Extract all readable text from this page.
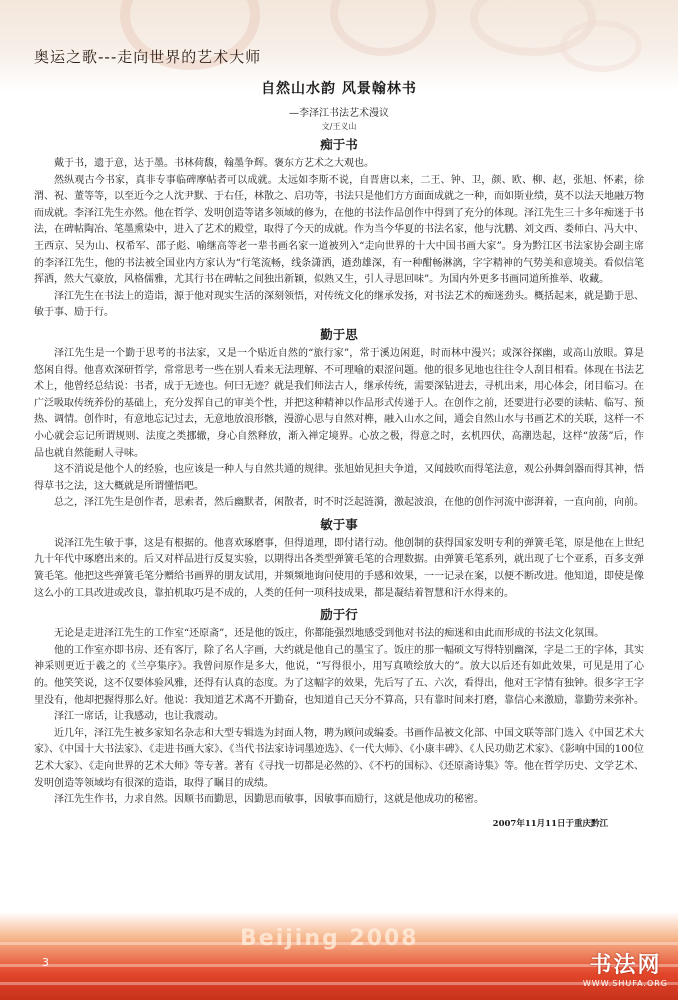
奥运之歌---走向世界的艺术大师
自然山水韵 风景翰林书
—李泽江书法艺术漫议
文/王义山
痴于书

戴于书，遗于意，达于墨。书林荷馥，翰墨争辉。褒东方艺术之大观也。

然纵观古今书家，真非专事临碑摩帖者可以成就。太远如李斯不说，自晋唐以来，二王、钟、卫，颜、欧、柳、赵，张旭、怀素，徐渭、祝、董等等，以至近今之人沈尹默、于右任，林散之、启功等，书法只是他们方方面面成就之一种，而如斯业绩，莫不以法天地融万物而成就。李泽江先生亦然。他在哲学、发明创造等诸多领域的修为，在他的书法作品创作中得到了充分的体现。泽江先生三十多年痴迷于书法，在碑帖陶冶、笔墨熏染中，进入了艺术的殿堂，取得了今天的成就。作为当今华夏的书法名家，他与沈鹏、刘文西、娄师白、冯大中、王西京、吴为山、权希军、邵子彪、喻继高等老一辈书画名家一道被列入“走向世界的十大中国书画大家”。身为黔江区书法家协会副主席的李泽江先生，他的书法被全国业内方家认为“行笔流畅，线条潇洒，遒劲雄深，有一种酣畅淋漓，字字精神的气势美和意境美。看似信笔挥洒，然大气豪放，风格儒雅，尤其行书在碑帖之间独出新颖，似熟又生，引人寻思回味”。为国内外更多书画同道所推举、收藏。

泽江先生在书法上的造诣，源于他对现实生活的深刻领悟，对传统文化的继承发扬，对书法艺术的痴迷劲头。概括起来，就是勤于思、敏于事、励于行。

勤于思

泽江先生是一个勤于思考的书法家，又是一个贴近自然的“旅行家”，常于溪边闲逛，时而林中漫兴；或深谷探幽，或高山放眼。算是悠闲自得。他喜欢深研哲学，常常思考一些在别人看来无法理解、不可理喻的艰涩问题。他的很多见地也往往令人刮目相看。体现在书法艺术上，他曾经总结说：书者，成于无迹也。何曰无迹？就是我们师法古人，继承传统，需要深钻进去，寻机出来，用心体会，闭目临习。在广泛吸取传统养份的基础上，充分发挥自己的审美个性，并把这种精神以作品形式传递于人。在创作之前，还要进行必要的读帖、临写、预热、调情。创作时，有意地忘记过去，无意地放浪形骸，漫游心思与自然对榫，融入山水之间，通会自然山水与书画艺术的关联，这样一不小心就会忘记所谓规则、法度之类挪辙，身心自然释放，渐入禅定境界。心放之极，得意之时，玄机四伏，高潮迭起，这样“放荡”后，作品也就自然能耐人寻味。

这不消说是他个人的经验，也应该是一种人与自然共通的规律。张旭始见担夫争道，又闻鼓吹而得笔法意，观公孙舞剑器而得其神，悟得草书之法，这大概就是所谓懂悟吧。

总之，泽江先生是创作者，思索者，然后幽默者，闲散者，时不时泛起涟漪，激起波浪，在他的创作河流中澎湃着，一直向前，向前。

敏于事

说泽江先生敏于事，这是有根据的。他喜欢琢磨事，但得道理，即付诸行动。他创制的获得国家发明专利的弹簧毛笔，原是他在上世纪九十年代中琢磨出来的。后又对样品进行反复实验，以期得出各类型弹簧毛笔的合理数据。由弹簧毛笔系列，就出现了七个亚系，百多支弹簧毛笔。他把这些弹簧毛笔分赠给书画界的朋友试用，并频频地询问使用的手感和效果，一一记录在案，以便不断改进。他知道，即使是像这么小的工具改进或改良，靠拍机取巧是不成的，人类的任何一项科技成果，都是凝结着智慧和汗水得来的。

励于行

无论是走进泽江先生的工作室“还原斋”，还是他的饭庄，你都能强烈地感受到他对书法的痴迷和由此而形成的书法文化氛围。

他的工作室亦即书房、还有客厅，除了名人字画，大约就是他自己的墨宝了。饭庄的那一幅硕文写得特别幽深，字是二王的字体，其实神采则更近于羲之的《兰亭集序》。我曾问原作是多大，他说，“写得很小，用写真喷绘放大的”。放大以后还有如此效果，可见是用了心的。他笑笑说，这不仅要体验风雅，还得有认真的态度。为了这幅字的效果，先后写了五、六次，看得出，他对王字情有独钟。很多字王字里没有，他却把握得那么好。他说：我知道艺术离不开勤奋，也知道自己天分不算高，只有靠时间来打磨，靠信心来激励，靠勤劳来弥补。

泽江一席话，让我感动，也让我震动。

近几年，泽江先生被多家知名杂志和大型专辑选为封面人物，聘为顾问或编委。书画作品被文化部、中国文联等部门选入《中国艺术大家》、《中国十大书法家》、《走进书画大家》、《当代书法家诗词墨迹选》、《一代大师》、《小康丰碑》、《人民功勋艺术家》、《影响中国的100位艺术大家》、《走向世界的艺术大师》等专著。著有《寻找一切都是必然的》、《不朽的国标》、《还原斋诗集》等。他在哲学历史、文学艺术、发明创造等领域均有很深的造诣，取得了瞩目的成绩。

泽江先生作书，力求自然。因顺书而勤思，因勤思而敏事，因敏事而励行，这就是他成功的秘密。

2007年11月11日于重庆黔江
Beijing 2008
3	书法网
WWW.SHUFA.ORG
